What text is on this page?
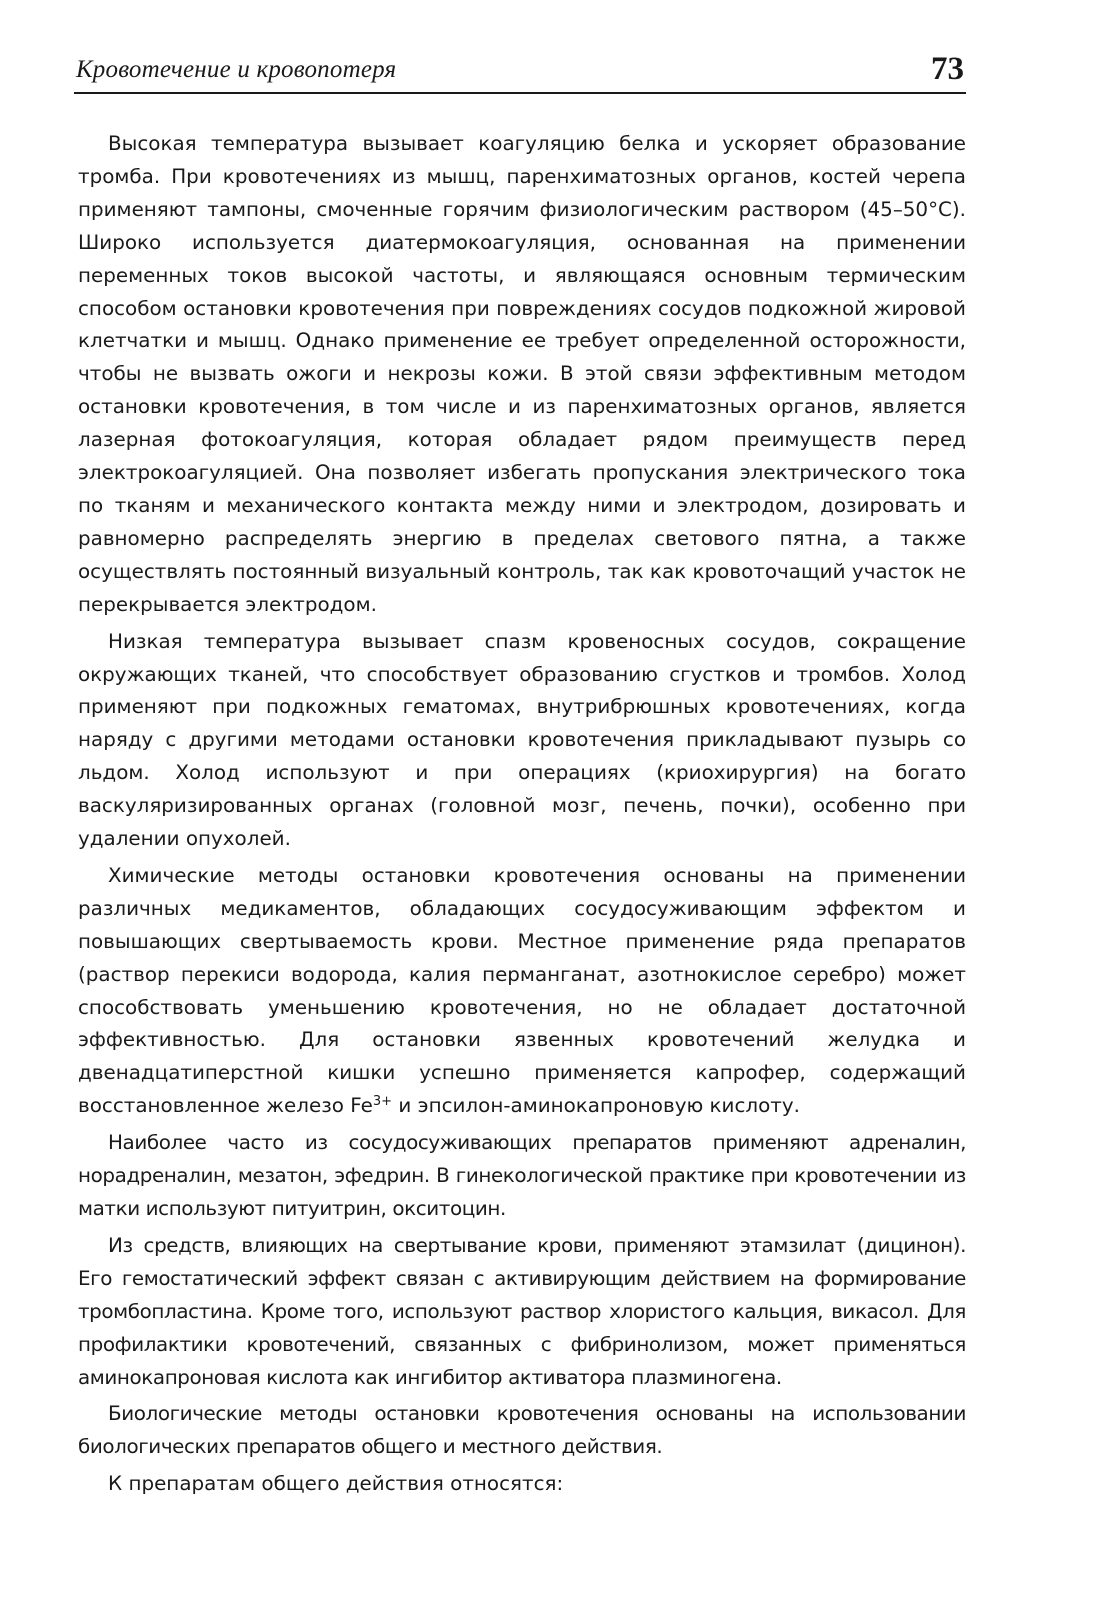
Кровотечение и кровопотеря	73

Высокая температура вызывает коагуляцию белка и ускоряет образование тромба. При кровотечениях из мышц, паренхиматозных органов, костей черепа применяют тампоны, смоченные горячим физиологическим раствором (45–50°С). Широко используется диатермокоагуляция, основанная на применении переменных токов высокой частоты, и являющаяся основным термическим способом остановки кровотечения при повреждениях сосудов подкожной жировой клетчатки и мышц. Однако применение ее требует определенной осторожности, чтобы не вызвать ожоги и некрозы кожи. В этой связи эффективным методом остановки кровотечения, в том числе и из паренхиматозных органов, является лазерная фотокоагуляция, которая обладает рядом преимуществ перед электрокоагуляцией. Она позволяет избегать пропускания электрического тока по тканям и механического контакта между ними и электродом, дозировать и равномерно распределять энергию в пределах светового пятна, а также осуществлять постоянный визуальный контроль, так как кровоточащий участок не перекрывается электродом.

Низкая температура вызывает спазм кровеносных сосудов, сокращение окружающих тканей, что способствует образованию сгустков и тромбов. Холод применяют при подкожных гематомах, внутрибрюшных кровотечениях, когда наряду с другими методами остановки кровотечения прикладывают пузырь со льдом. Холод используют и при операциях (криохирургия) на богато васкуляризированных органах (головной мозг, печень, почки), особенно при удалении опухолей.

Химические методы остановки кровотечения основаны на применении различных медикаментов, обладающих сосудосуживающим эффектом и повышающих свертываемость крови. Местное применение ряда препаратов (раствор перекиси водорода, калия перманганат, азотнокислое серебро) может способствовать уменьшению кровотечения, но не обладает достаточной эффективностью. Для остановки язвенных кровотечений желудка и двенадцатиперстной кишки успешно применяется капрофер, содержащий восстановленное железо $Fe^{3+}$ и эпсилон-аминокапроновую кислоту.

Наиболее часто из сосудосуживающих препаратов применяют адреналин, норадреналин, мезатон, эфедрин. В гинекологической практике при кровотечении из матки используют питуитрин, окситоцин.

Из средств, влияющих на свертывание крови, применяют этамзилат (дицинон). Его гемостатический эффект связан с активирующим действием на формирование тромбопластина. Кроме того, используют раствор хлористого кальция, викасол. Для профилактики кровотечений, связанных с фибринолизом, может применяться аминокапроновая кислота как ингибитор активатора плазминогена.

Биологические методы остановки кровотечения основаны на использовании биологических препаратов общего и местного действия.

К препаратам общего действия относятся:
